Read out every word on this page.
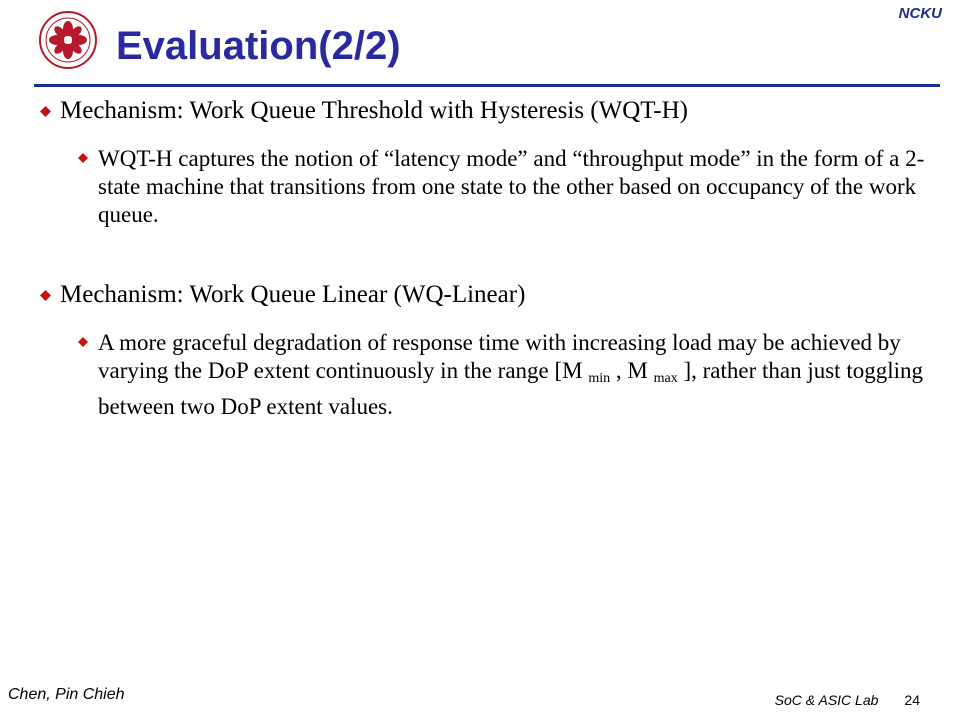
NCKU
Evaluation(2/2)
Mechanism: Work Queue Threshold with Hysteresis (WQT-H)
WQT-H captures the notion of “latency mode” and “throughput mode” in the form of a 2-state machine that transitions from one state to the other based on occupancy of the work queue.
Mechanism: Work Queue Linear (WQ-Linear)
A more graceful degradation of response time with increasing load may be achieved by varying the DoP extent continuously in the range [M $_{min}$ , M $_{max}$ ], rather than just toggling between two DoP extent values.
Chen, Pin Chieh	SoC & ASIC Lab 24
